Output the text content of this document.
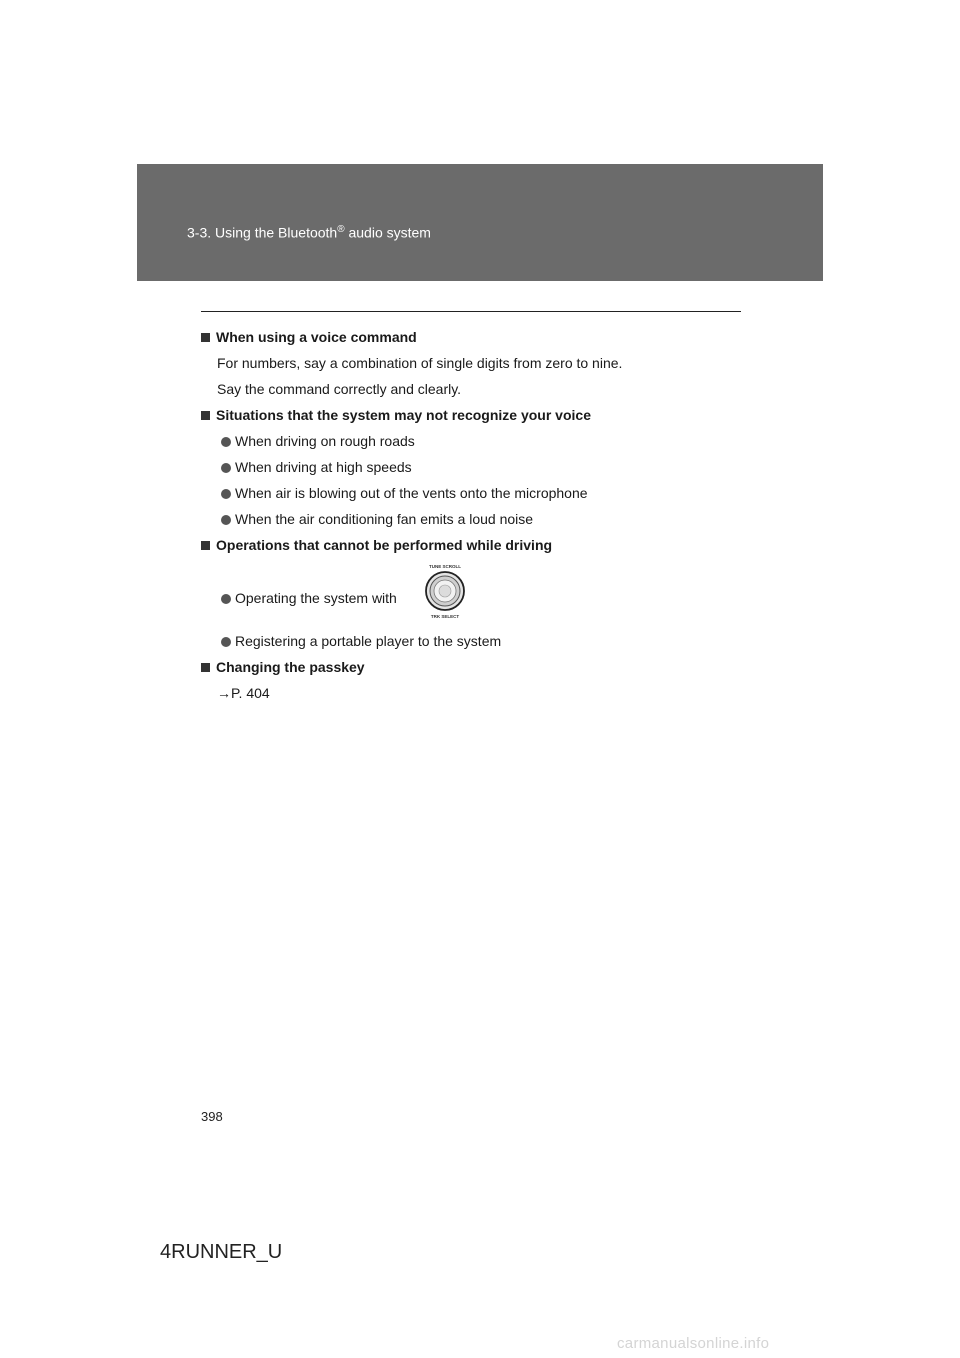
3-3. Using the Bluetooth® audio system
When using a voice command
For numbers, say a combination of single digits from zero to nine.
Say the command correctly and clearly.
Situations that the system may not recognize your voice
When driving on rough roads
When driving at high speeds
When air is blowing out of the vents onto the microphone
When the air conditioning fan emits a loud noise
Operations that cannot be performed while driving
Operating the system with
TUNE SCROLL
TRK SELECT
Registering a portable player to the system
Changing the passkey
→P. 404
398
4RUNNER_U
carmanualsonline.info
